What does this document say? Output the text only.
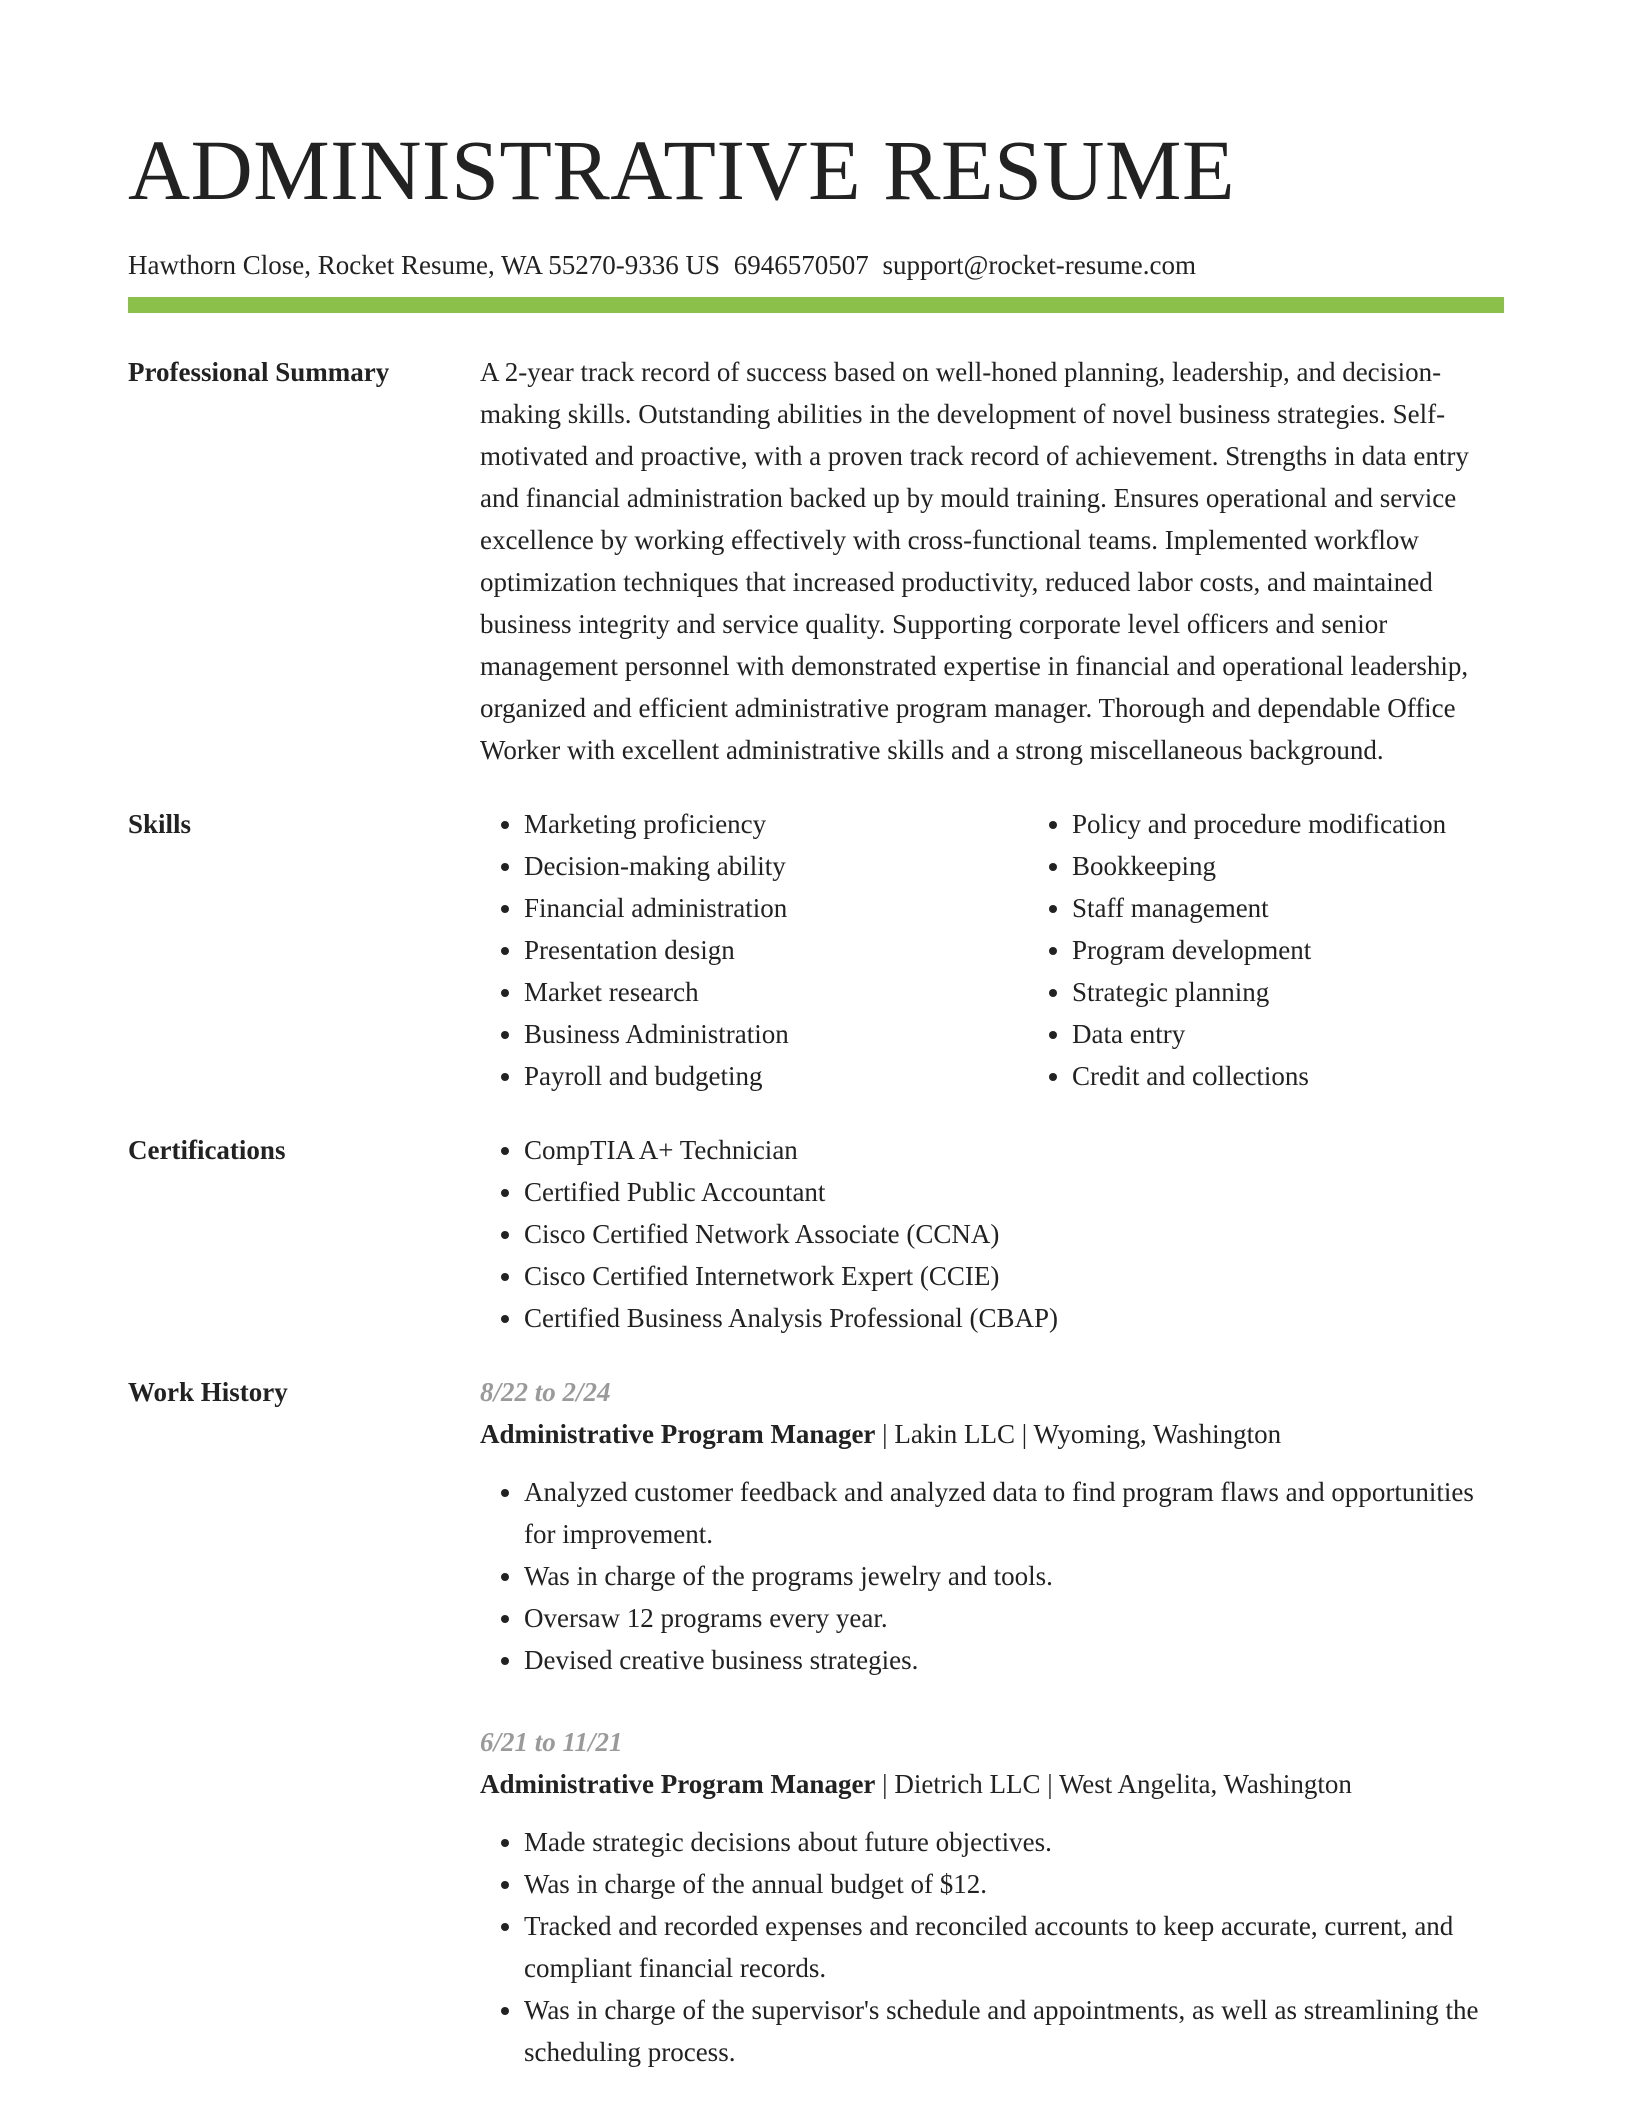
ADMINISTRATIVE RESUME
Hawthorn Close, Rocket Resume, WA 55270-9336 US 6946570507 support@rocket-resume.com
Professional Summary	A 2-year track record of success based on well-honed planning, leadership, and decision-making skills. Outstanding abilities in the development of novel business strategies. Self-motivated and proactive, with a proven track record of achievement. Strengths in data entry and financial administration backed up by mould training. Ensures operational and service excellence by working effectively with cross-functional teams. Implemented workflow optimization techniques that increased productivity, reduced labor costs, and maintained business integrity and service quality. Supporting corporate level officers and senior management personnel with demonstrated expertise in financial and operational leadership, organized and efficient administrative program manager. Thorough and dependable Office Worker with excellent administrative skills and a strong miscellaneous background.

Skills	• Marketing proficiency
• Decision-making ability
• Financial administration
• Presentation design
• Market research
• Business Administration
• Payroll and budgeting
• Policy and procedure modification
• Bookkeeping
• Staff management
• Program development
• Strategic planning
• Data entry
• Credit and collections
Certifications	• CompTIA A+ Technician
• Certified Public Accountant
• Cisco Certified Network Associate (CCNA)
• Cisco Certified Internetwork Expert (CCIE)
• Certified Business Analysis Professional (CBAP)
Work History	8/22 to 2/24
Administrative Program Manager | Lakin LLC | Wyoming, Washington
• Analyzed customer feedback and analyzed data to find program flaws and opportunities for improvement.
• Was in charge of the programs jewelry and tools.
• Oversaw 12 programs every year.
• Devised creative business strategies.
6/21 to 11/21
Administrative Program Manager | Dietrich LLC | West Angelita, Washington
• Made strategic decisions about future objectives.
• Was in charge of the annual budget of $12.
• Tracked and recorded expenses and reconciled accounts to keep accurate, current, and compliant financial records.
• Was in charge of the supervisor's schedule and appointments, as well as streamlining the scheduling process.
